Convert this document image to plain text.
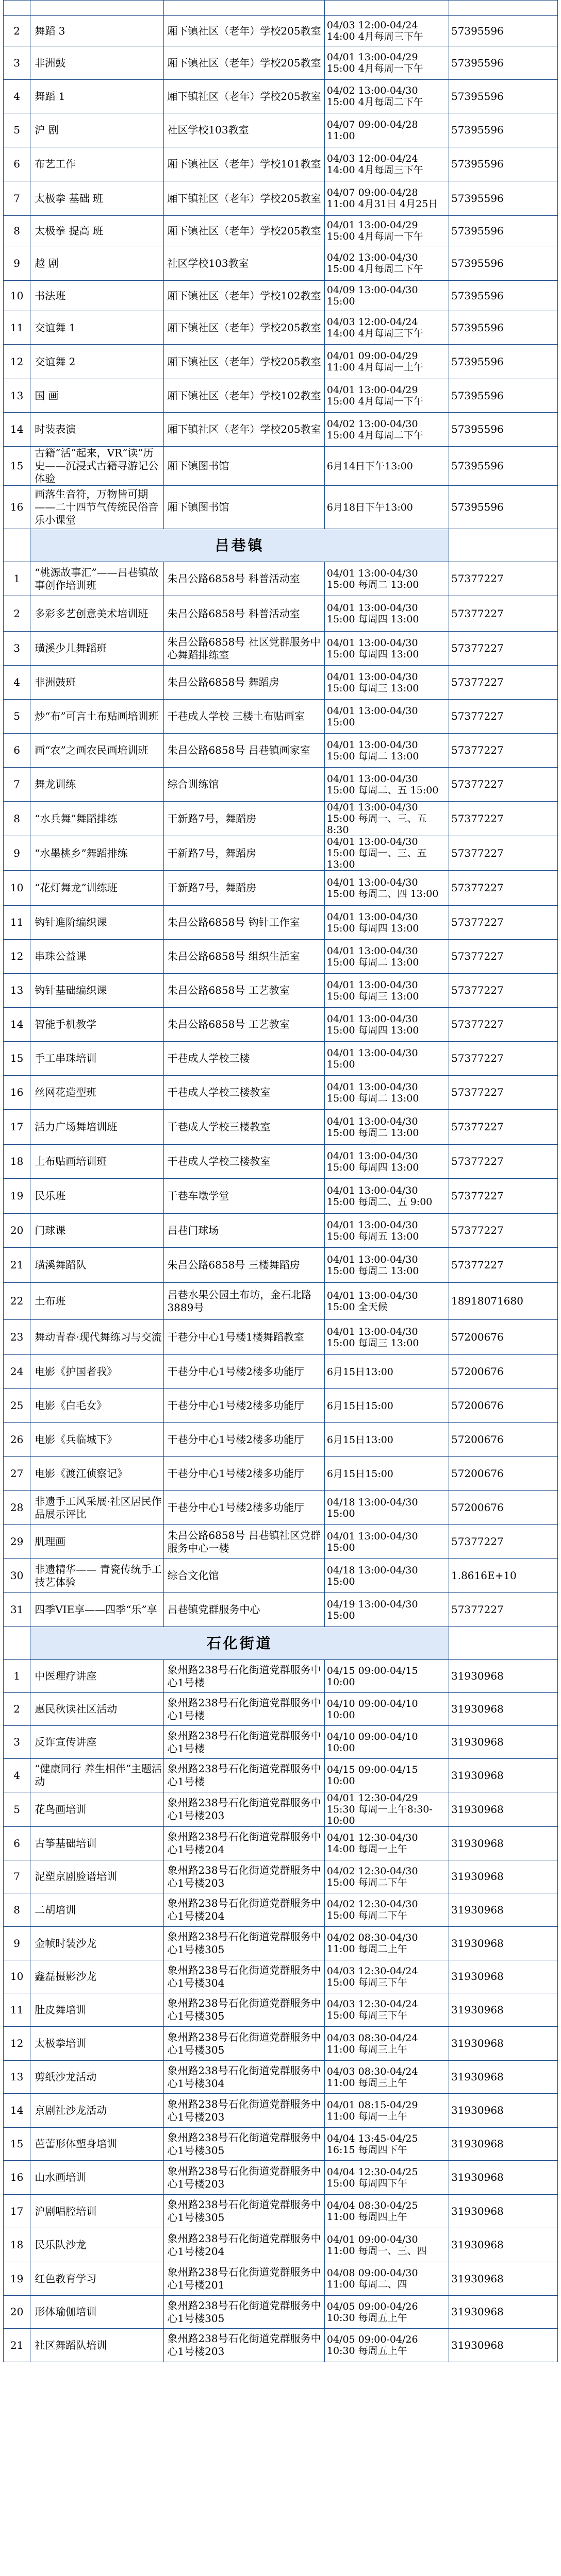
2	舞蹈 3	厢下镇社区（老年）学校205教室	04/03 12:00-04/24 14:00 4月每周三下午	57395596
3	非洲鼓	厢下镇社区（老年）学校205教室	04/01 13:00-04/29 15:00 4月每周一下午	57395596
4	舞蹈 1	厢下镇社区（老年）学校205教室	04/02 13:00-04/30 15:00 4月每周二下午	57395596
5	沪 剧	社区学校103教室	04/07 09:00-04/28 11:00	57395596
6	布艺工作	厢下镇社区（老年）学校101教室	04/03 12:00-04/24 14:00 4月每周三下午	57395596
7	太极拳 基础 班	厢下镇社区（老年）学校205教室	04/07 09:00-04/28 11:00 4月31日 4月25日	57395596
8	太极拳 提高 班	厢下镇社区（老年）学校205教室	04/01 13:00-04/29 15:00 4月每周一下午	57395596
9	越 剧	社区学校103教室	04/02 13:00-04/30 15:00 4月每周二下午	57395596
10	书法班	厢下镇社区（老年）学校102教室	04/09 13:00-04/30 15:00	57395596
11	交谊舞 1	厢下镇社区（老年）学校205教室	04/03 12:00-04/24 14:00 4月每周三下午	57395596
12	交谊舞 2	厢下镇社区（老年）学校205教室	04/01 09:00-04/29 11:00 4月每周一上午	57395596
13	国 画	厢下镇社区（老年）学校102教室	04/01 13:00-04/29 15:00 4月每周一下午	57395596
14	时装表演	厢下镇社区（老年）学校205教室	04/02 13:00-04/30 15:00 4月每周二下午	57395596
15	古籍“活”起来，VR“读”历史——沉浸式古籍寻游记公体验	厢下镇图书馆	6月14日下午13:00	57395596
16	画落生音符，万物皆可期——二十四节气传统民俗音乐小课堂	厢下镇图书馆	6月18日下午13:00	57395596
	吕巷镇			
1	“桃源故事汇”——吕巷镇故事创作培训班	朱吕公路6858号 科普活动室	04/01 13:00-04/30 15:00 每周二 13:00	57377227
2	多彩多艺创意美术培训班	朱吕公路6858号 科普活动室	04/01 13:00-04/30 15:00 每周四 13:00	57377227
3	璜溪少儿舞蹈班	朱吕公路6858号 社区党群服务中心舞蹈排练室	04/01 13:00-04/30 15:00 每周四 13:00	57377227
4	非洲鼓班	朱吕公路6858号 舞蹈房	04/01 13:00-04/30 15:00 每周三 13:00	57377227
5	炒“布”可言土布贴画培训班	干巷成人学校 三楼土布贴画室	04/01 13:00-04/30 15:00	57377227
6	画“农”之画农民画培训班	朱吕公路6858号 吕巷镇画家室	04/01 13:00-04/30 15:00 每周二 13:00	57377227
7	舞龙训练	综合训练馆	04/01 13:00-04/30 15:00 每周二、五 15:00	57377227
8	“水兵舞”舞蹈排练	干新路7号，舞蹈房	04/01 13:00-04/30 15:00 每周一、三、五 8:30	57377227
9	“水墨桃乡”舞蹈排练	干新路7号，舞蹈房	04/01 13:00-04/30 15:00 每周一、三、五 13:00	57377227
10	“花灯舞龙”训练班	干新路7号，舞蹈房	04/01 13:00-04/30 15:00 每周二、四 13:00	57377227
11	钩针進阶编织课	朱吕公路6858号 钩针工作室	04/01 13:00-04/30 15:00 每周四 13:00	57377227
12	串珠公益课	朱吕公路6858号 组织生活室	04/01 13:00-04/30 15:00 每周二 13:00	57377227
13	钩针基础编织课	朱吕公路6858号 工艺教室	04/01 13:00-04/30 15:00 每周三 13:00	57377227
14	智能手机教学	朱吕公路6858号 工艺教室	04/01 13:00-04/30 15:00 每周四 13:00	57377227
15	手工串珠培训	干巷成人学校三楼	04/01 13:00-04/30 15:00	57377227
16	丝网花造型班	干巷成人学校三楼教室	04/01 13:00-04/30 15:00 每周二 13:00	57377227
17	活力广场舞培训班	干巷成人学校三楼教室	04/01 13:00-04/30 15:00 每周二 13:00	57377227
18	土布贴画培训班	干巷成人学校三楼教室	04/01 13:00-04/30 15:00 每周四 13:00	57377227
19	民乐班	干巷车墩学堂	04/01 13:00-04/30 15:00 每周二、五 9:00	57377227
20	门球课	吕巷门球场	04/01 13:00-04/30 15:00 每周五 13:00	57377227
21	璜溪舞蹈队	朱吕公路6858号 三楼舞蹈房	04/01 13:00-04/30 15:00 每周二 13:00	57377227
22	土布班	吕巷水果公园土布坊，金石北路3889号	04/01 13:00-04/30 15:00 全天候	18918071680
23	舞动青春·现代舞练习与交流	干巷分中心1号楼1楼舞蹈教室	04/01 13:00-04/30 15:00 每周三 13:00	57200676
24	电影《护国者我》	干巷分中心1号楼2楼多功能厅	6月15日13:00	57200676
25	电影《白毛女》	干巷分中心1号楼2楼多功能厅	6月15日15:00	57200676
26	电影《兵临城下》	干巷分中心1号楼2楼多功能厅	6月15日13:00	57200676
27	电影《渡江侦察记》	干巷分中心1号楼2楼多功能厅	6月15日15:00	57200676
28	非遗手工风采展·社区居民作品展示评比	干巷分中心1号楼2楼多功能厅	04/18 13:00-04/30 15:00	57200676
29	肌理画	朱吕公路6858号 吕巷镇社区党群服务中心一楼	04/01 13:00-04/30 15:00	57377227
30	非遗精华—— 青瓷传统手工技艺体验	综合文化馆	04/18 13:00-04/30 15:00	1.8616E+10
31	四季VIE享——四季“乐”享	吕巷镇党群服务中心	04/19 13:00-04/30 15:00	57377227
	石化街道			
1	中医理疗讲座	象州路238号石化街道党群服务中心1号楼	04/15 09:00-04/15 10:00	31930968
2	惠民秋读社区活动	象州路238号石化街道党群服务中心1号楼	04/10 09:00-04/10 10:00	31930968
3	反诈宣传讲座	象州路238号石化街道党群服务中心1号楼	04/10 09:00-04/10 10:00	31930968
4	“健康同行 养生相伴”主题活动	象州路238号石化街道党群服务中心1号楼	04/15 09:00-04/15 10:00	31930968
5	花鸟画培训	象州路238号石化街道党群服务中心1号楼203	04/01 12:30-04/29 15:30 每周一上午8:30-10:00	31930968
6	古筝基础培训	象州路238号石化街道党群服务中心1号楼204	04/01 12:30-04/30 14:00 每周一上午	31930968
7	泥塑京剧脸谱培训	象州路238号石化街道党群服务中心1号楼203	04/02 12:30-04/30 15:00 每周二下午	31930968
8	二胡培训	象州路238号石化街道党群服务中心1号楼204	04/02 12:30-04/30 15:00 每周二下午	31930968
9	金帧时装沙龙	象州路238号石化街道党群服务中心1号楼305	04/02 08:30-04/30 11:00 每周二上午	31930968
10	鑫磊摄影沙龙	象州路238号石化街道党群服务中心1号楼304	04/03 12:30-04/24 15:00 每周三下午	31930968
11	肚皮舞培训	象州路238号石化街道党群服务中心1号楼305	04/03 12:30-04/24 15:00 每周三下午	31930968
12	太极拳培训	象州路238号石化街道党群服务中心1号楼305	04/03 08:30-04/24 11:00 每周三上午	31930968
13	剪纸沙龙活动	象州路238号石化街道党群服务中心1号楼304	04/03 08:30-04/24 11:00 每周三上午	31930968
14	京剧社沙龙活动	象州路238号石化街道党群服务中心1号楼203	04/01 08:15-04/29 11:00 每周一上午	31930968
15	芭蕾形体塑身培训	象州路238号石化街道党群服务中心1号楼305	04/04 13:45-04/25 16:15 每周四下午	31930968
16	山水画培训	象州路238号石化街道党群服务中心1号楼203	04/04 12:30-04/25 15:00 每周四下午	31930968
17	沪剧唱腔培训	象州路238号石化街道党群服务中心1号楼305	04/04 08:30-04/25 11:00 每周四上午	31930968
18	民乐队沙龙	象州路238号石化街道党群服务中心1号楼204	04/01 09:00-04/30 11:00 每周一、三、四	31930968
19	红色教育学习	象州路238号石化街道党群服务中心1号楼201	04/08 09:00-04/30 11:00 每周二、四	31930968
20	形体瑜伽培训	象州路238号石化街道党群服务中心1号楼305	04/05 09:00-04/26 10:30 每周五上午	31930968
21	社区舞蹈队培训	象州路238号石化街道党群服务中心1号楼203	04/05 09:00-04/26 10:30 每周五上午	31930968
